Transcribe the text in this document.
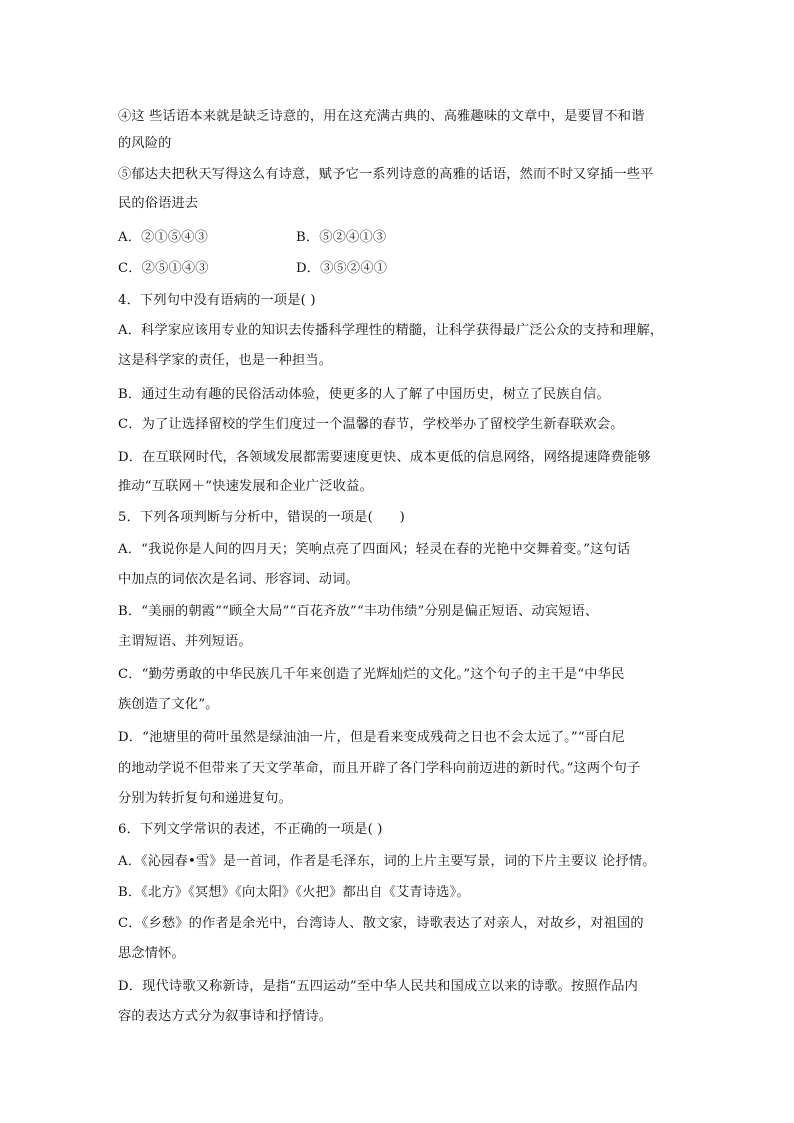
④这 些话语本来就是缺乏诗意的，用在这充满古典的、高雅趣味的文章中，是要冒不和谐
的风险的
⑤郁达夫把秋天写得这么有诗意，赋予它一系列诗意的高雅的话语，然而不时又穿插一些平
民的俗语进去
A．②①⑤④③	B．⑤②④①③
C．②⑤①④③	D．③⑤②④①
4．下列句中没有语病的一项是( )
A．科学家应该用专业的知识去传播科学理性的精髓，让科学获得最广泛公众的支持和理解，
这是科学家的责任，也是一种担当。
B．通过生动有趣的民俗活动体验，使更多的人了解了中国历史，树立了民族自信。
C．为了让选择留校的学生们度过一个温馨的春节，学校举办了留校学生新春联欢会。
D．在互联网时代，各领域发展都需要速度更快、成本更低的信息网络，网络提速降费能够
推动“互联网＋”快速发展和企业广泛收益。
5．下列各项判断与分析中，错误的一项是(　　)
A．“我说你是人间的四月天；笑响点亮了四面风；轻灵在春的光艳中交舞着变。”这句话
中加点的词依次是名词、形容词、动词。
B．“美丽的朝霞”“顾全大局”“百花齐放”“丰功伟绩”分别是偏正短语、动宾短语、
主谓短语、并列短语。
C．“勤劳勇敢的中华民族几千年来创造了光辉灿烂的文化。”这个句子的主干是“中华民
族创造了文化”。
D．“池塘里的荷叶虽然是绿油油一片，但是看来变成残荷之日也不会太远了。”“哥白尼
的地动学说不但带来了天文学革命，而且开辟了各门学科向前迈进的新时代。”这两个句子
分别为转折复句和递进复句。
6．下列文学常识的表述，不正确的一项是( )
A．《沁园春•雪》是一首词，作者是毛泽东，词的上片主要写景，词的下片主要议 论抒情。
B．《北方》《冥想》《向太阳》《火把》都出自《艾青诗选》。
C．《乡愁》的作者是余光中，台湾诗人、散文家，诗歌表达了对亲人，对故乡，对祖国的
思念情怀。
D．现代诗歌又称新诗，是指“五四运动”至中华人民共和国成立以来的诗歌。按照作品内
容的表达方式分为叙事诗和抒情诗。
